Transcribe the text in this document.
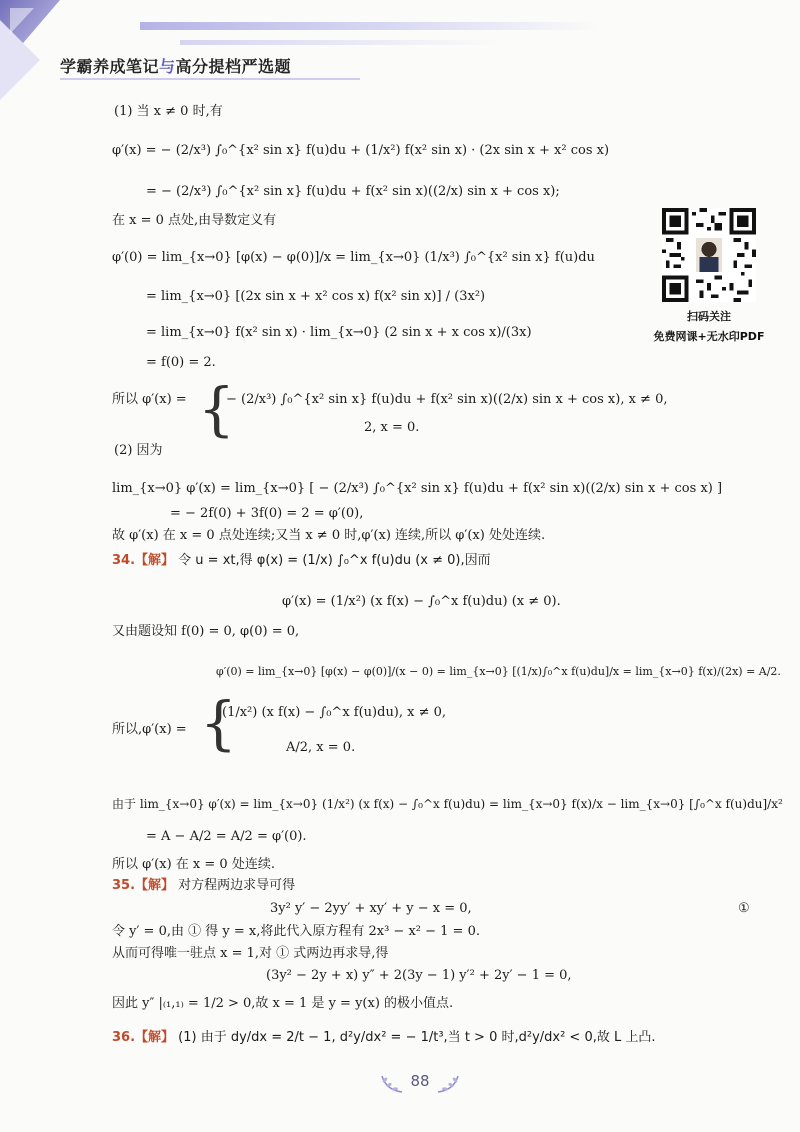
学霸养成笔记与高分提档严选题
扫码关注
免费网课+无水印PDF
{
{
(1) 当 x ≠ 0 时,有
φ′(x) = − (2/x³) ∫₀^{x² sin x} f(u)du + (1/x²) f(x² sin x) · (2x sin x + x² cos x)
= − (2/x³) ∫₀^{x² sin x} f(u)du + f(x² sin x)((2/x) sin x + cos x);
在 x = 0 点处,由导数定义有
φ′(0) = lim_{x→0} [φ(x) − φ(0)]/x = lim_{x→0} (1/x³) ∫₀^{x² sin x} f(u)du
= lim_{x→0} [(2x sin x + x² cos x) f(x² sin x)] / (3x²)
= lim_{x→0} f(x² sin x) · lim_{x→0} (2 sin x + x cos x)/(3x)
= f(0) = 2.
所以 φ′(x) =	− (2/x³) ∫₀^{x² sin x} f(u)du + f(x² sin x)((2/x) sin x + cos x), x ≠ 0,
2, x = 0.
(2) 因为
lim_{x→0} φ′(x) = lim_{x→0} [ − (2/x³) ∫₀^{x² sin x} f(u)du + f(x² sin x)((2/x) sin x + cos x) ]
= − 2f(0) + 3f(0) = 2 = φ′(0),
故 φ′(x) 在 x = 0 点处连续;又当 x ≠ 0 时,φ′(x) 连续,所以 φ′(x) 处处连续.
34.【解】 令 u = xt,得 φ(x) = (1/x) ∫₀^x f(u)du (x ≠ 0),因而
φ′(x) = (1/x²) (x f(x) − ∫₀^x f(u)du) (x ≠ 0).
又由题设知 f(0) = 0, φ(0) = 0,
φ′(0) = lim_{x→0} [φ(x) − φ(0)]/(x − 0) = lim_{x→0} [(1/x)∫₀^x f(u)du]/x = lim_{x→0} f(x)/(2x) = A/2.
所以,φ′(x) =
(1/x²) (x f(x) − ∫₀^x f(u)du), x ≠ 0,
A/2, x = 0.
由于 lim_{x→0} φ′(x) = lim_{x→0} (1/x²) (x f(x) − ∫₀^x f(u)du) = lim_{x→0} f(x)/x − lim_{x→0} [∫₀^x f(u)du]/x²
= A − A/2 = A/2 = φ′(0).
所以 φ′(x) 在 x = 0 处连续.
35.【解】 对方程两边求导可得
3y² y′ − 2yy′ + xy′ + y − x = 0,	①
令 y′ = 0,由 ① 得 y = x,将此代入原方程有 2x³ − x² − 1 = 0.
从而可得唯一驻点 x = 1,对 ① 式两边再求导,得
(3y² − 2y + x) y″ + 2(3y − 1) y′² + 2y′ − 1 = 0,
因此 y″ |₍₁,₁₎ = 1/2 > 0,故 x = 1 是 y = y(x) 的极小值点.
36.【解】 (1) 由于 dy/dx = 2/t − 1, d²y/dx² = − 1/t³,当 t > 0 时,d²y/dx² < 0,故 L 上凸.
88
